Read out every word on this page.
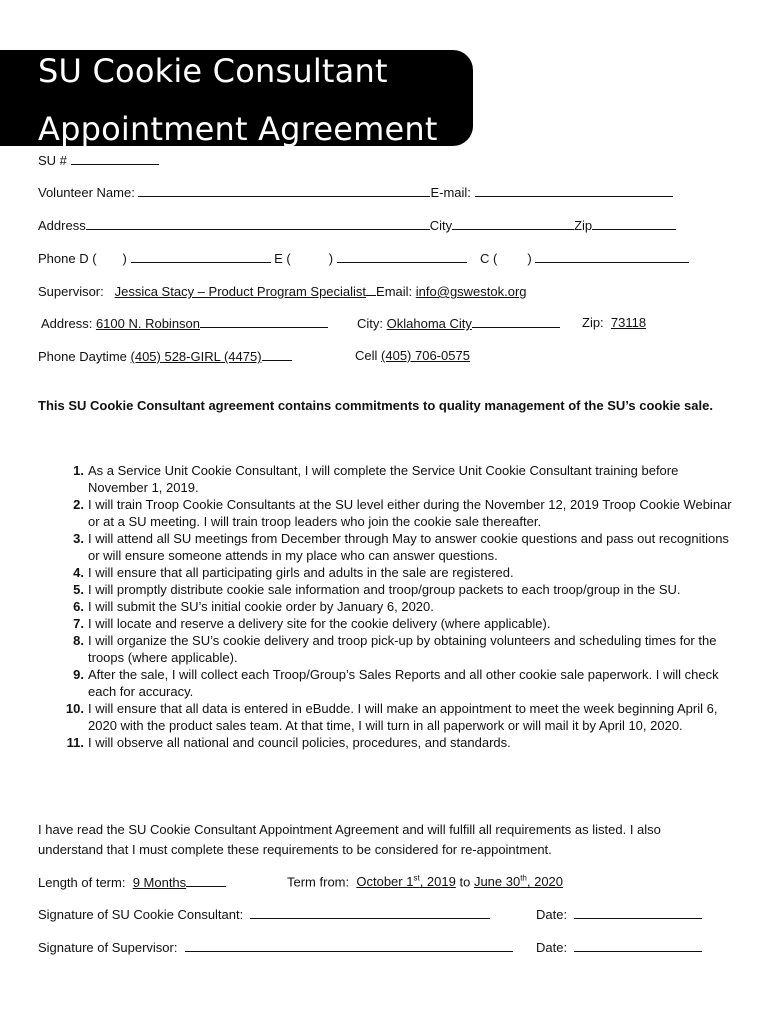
SU Cookie Consultant
Appointment Agreement
SU #
Volunteer Name:	E-mail:
Address	City	Zip
Phone D ( )	E (	)	C ( )
Supervisor: Jessica Stacy – Product Program Specialist Email: info@gswestok.org
Address: 6100 N. Robinson	City: Oklahoma City	Zip: 73118
Phone Daytime (405) 528-GIRL (4475)	Cell (405) 706-0575
This SU Cookie Consultant agreement contains commitments to quality management of the SU’s cookie sale.
1. As a Service Unit Cookie Consultant, I will complete the Service Unit Cookie Consultant training before November 1, 2019.
2. I will train Troop Cookie Consultants at the SU level either during the November 12, 2019 Troop Cookie Webinar or at a SU meeting. I will train troop leaders who join the cookie sale thereafter.
3. I will attend all SU meetings from December through May to answer cookie questions and pass out recognitions or will ensure someone attends in my place who can answer questions.
4. I will ensure that all participating girls and adults in the sale are registered.
5. I will promptly distribute cookie sale information and troop/group packets to each troop/group in the SU.
6. I will submit the SU’s initial cookie order by January 6, 2020.
7. I will locate and reserve a delivery site for the cookie delivery (where applicable).
8. I will organize the SU’s cookie delivery and troop pick-up by obtaining volunteers and scheduling times for the troops (where applicable).
9. After the sale, I will collect each Troop/Group’s Sales Reports and all other cookie sale paperwork. I will check each for accuracy.
10. I will ensure that all data is entered in eBudde. I will make an appointment to meet the week beginning April 6, 2020 with the product sales team. At that time, I will turn in all paperwork or will mail it by April 10, 2020.
11. I will observe all national and council policies, procedures, and standards.
I have read the SU Cookie Consultant Appointment Agreement and will fulfill all requirements as listed. I also understand that I must complete these requirements to be considered for re-appointment.
Length of term: 9 Months	Term from: October 1st, 2019 to June 30th, 2020
Signature of SU Cookie Consultant:	Date:
Signature of Supervisor:	Date:
